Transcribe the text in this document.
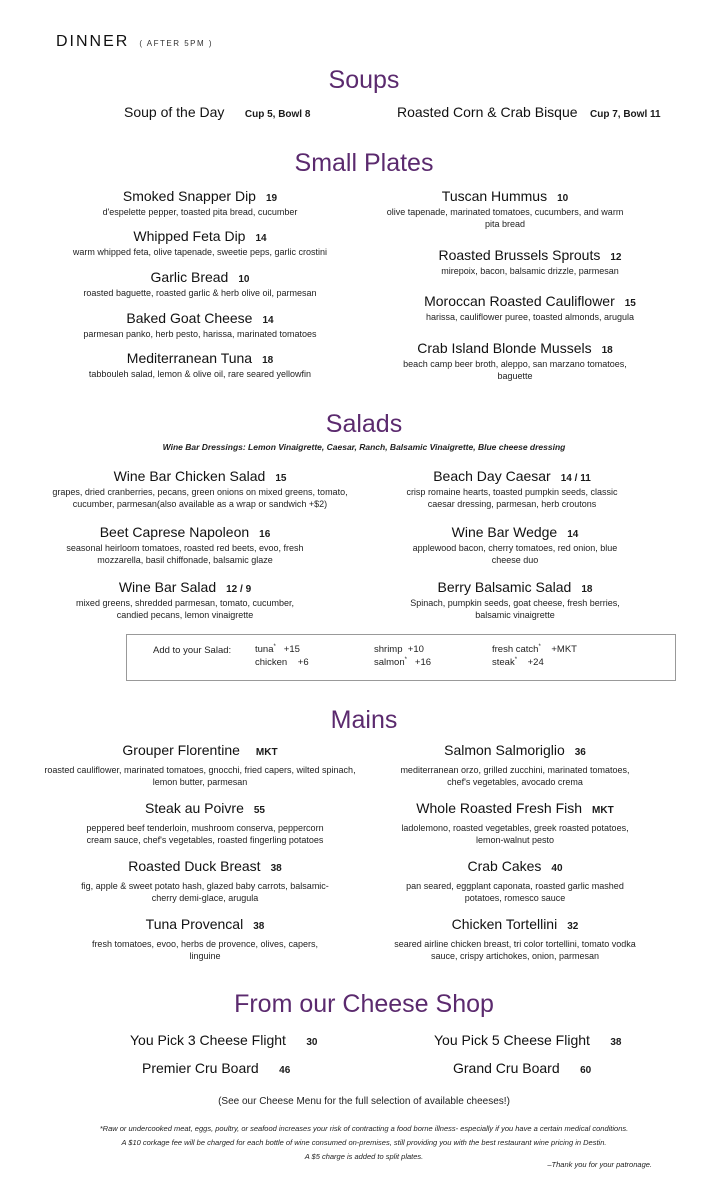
DINNER ( AFTER 5PM )
Soups
Soup of the Day Cup 5, Bowl 8	Roasted Corn & Crab Bisque Cup 7, Bowl 11
Small Plates
Smoked Snapper Dip 19
d'espelette pepper, toasted pita bread, cucumber
Whipped Feta Dip 14
warm whipped feta, olive tapenade, sweetie peps, garlic crostini
Garlic Bread 10
roasted baguette, roasted garlic & herb olive oil, parmesan
Baked Goat Cheese 14
parmesan panko, herb pesto, harissa, marinated tomatoes
Mediterranean Tuna 18
tabbouleh salad, lemon & olive oil, rare seared yellowfin
Tuscan Hummus 10
olive tapenade, marinated tomatoes, cucumbers, and warm pita bread
Roasted Brussels Sprouts 12
mirepoix, bacon, balsamic drizzle, parmesan
Moroccan Roasted Cauliflower 15
harissa, cauliflower puree, toasted almonds, arugula
Crab Island Blonde Mussels 18
beach camp beer broth, aleppo, san marzano tomatoes, baguette
Salads
Wine Bar Dressings: Lemon Vinaigrette, Caesar, Ranch, Balsamic Vinaigrette, Blue cheese dressing
Wine Bar Chicken Salad 15
grapes, dried cranberries, pecans, green onions on mixed greens, tomato, cucumber, parmesan(also available as a wrap or sandwich +$2)
Beet Caprese Napoleon 16
seasonal heirloom tomatoes, roasted red beets, evoo, fresh mozzarella, basil chiffonade, balsamic glaze
Wine Bar Salad 12 / 9
mixed greens, shredded parmesan, tomato, cucumber, candied pecans, lemon vinaigrette
Beach Day Caesar 14 / 11
crisp romaine hearts, toasted pumpkin seeds, classic caesar dressing, parmesan, herb croutons
Wine Bar Wedge 14
applewood bacon, cherry tomatoes, red onion, blue cheese duo
Berry Balsamic Salad 18
Spinach, pumpkin seeds, goat cheese, fresh berries, balsamic vinaigrette
Add to your Salad:	tuna* +15
chicken +6
shrimp +10
salmon* +16
fresh catch* +MKT
steak* +24
Mains
Grouper Florentine MKT
roasted cauliflower, marinated tomatoes, gnocchi, fried capers, wilted spinach, lemon butter, parmesan
Steak au Poivre 55
peppered beef tenderloin, mushroom conserva, peppercorn cream sauce, chef's vegetables, roasted fingerling potatoes
Roasted Duck Breast 38
fig, apple & sweet potato hash, glazed baby carrots, balsamic-cherry demi-glace, arugula
Tuna Provencal 38
fresh tomatoes, evoo, herbs de provence, olives, capers, linguine
Salmon Salmoriglio 36
mediterranean orzo, grilled zucchini, marinated tomatoes, chef's vegetables, avocado crema
Whole Roasted Fresh Fish MKT
ladolemono, roasted vegetables, greek roasted potatoes, lemon-walnut pesto
Crab Cakes 40
pan seared, eggplant caponata, roasted garlic mashed potatoes, romesco sauce
Chicken Tortellini 32
seared airline chicken breast, tri color tortellini, tomato vodka sauce, crispy artichokes, onion, parmesan
From our Cheese Shop
You Pick 3 Cheese Flight 30	You Pick 5 Cheese Flight 38
Premier Cru Board 46	Grand Cru Board 60
(See our Cheese Menu for the full selection of available cheeses!)
*Raw or undercooked meat, eggs, poultry, or seafood increases your risk of contracting a food borne illness- especially if you have a certain medical conditions.
A $10 corkage fee will be charged for each bottle of wine consumed on-premises, still providing you with the best restaurant wine pricing in Destin.
A $5 charge is added to split plates.
–Thank you for your patronage.
